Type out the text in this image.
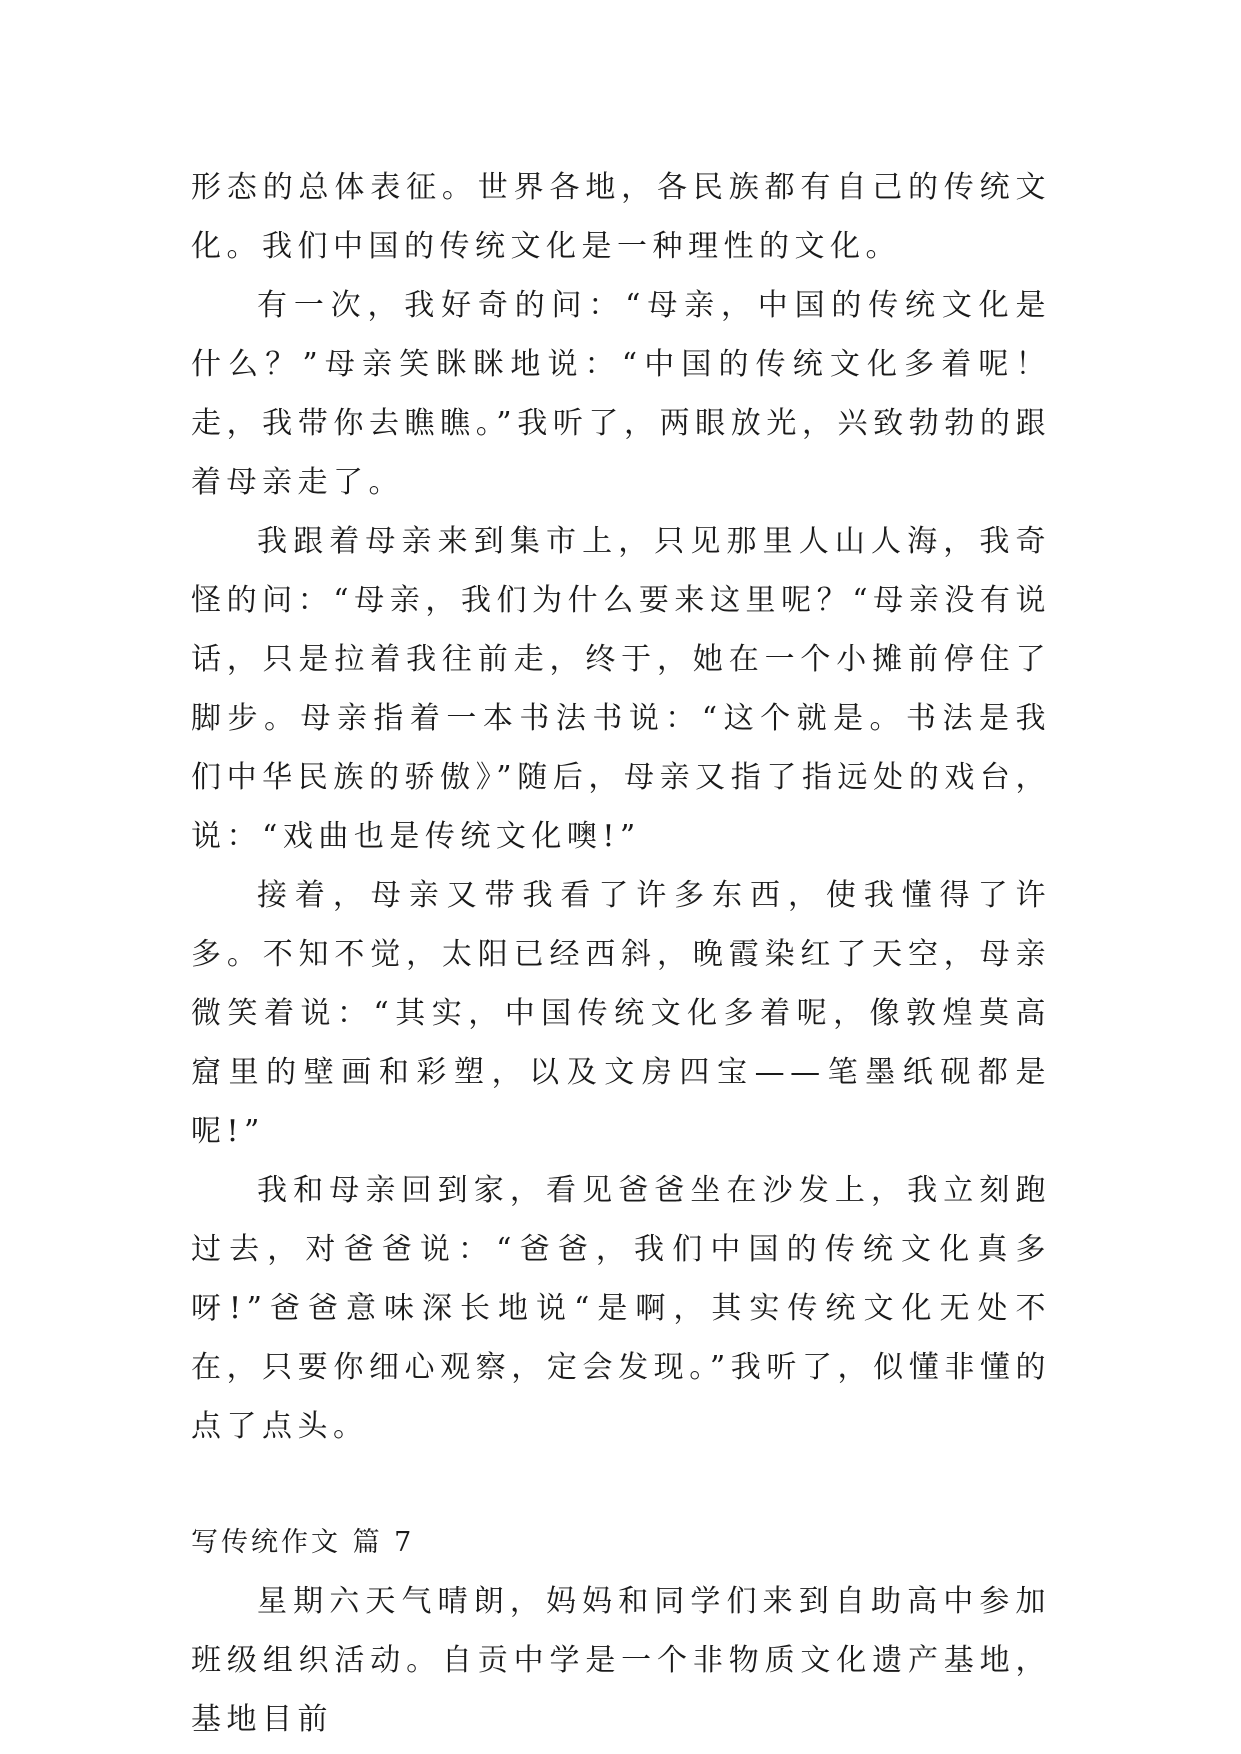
形态的总体表征。世界各地，各民族都有自己的传统文化。我们中国的传统文化是一种理性的文化。

有一次，我好奇的问：“母亲，中国的传统文化是什么？”母亲笑眯眯地说：“中国的传统文化多着呢！走，我带你去瞧瞧。”我听了，两眼放光，兴致勃勃的跟着母亲走了。

我跟着母亲来到集市上，只见那里人山人海，我奇怪的问：“母亲，我们为什么要来这里呢？“母亲没有说话，只是拉着我往前走，终于，她在一个小摊前停住了脚步。母亲指着一本书法书说：“这个就是。书法是我们中华民族的骄傲》”随后，母亲又指了指远处的戏台，说：“戏曲也是传统文化噢!”

接着，母亲又带我看了许多东西，使我懂得了许多。不知不觉，太阳已经西斜，晚霞染红了天空，母亲微笑着说：“其实，中国传统文化多着呢，像敦煌莫高窟里的壁画和彩塑，以及文房四宝——笔墨纸砚都是呢!”

我和母亲回到家，看见爸爸坐在沙发上，我立刻跑过去，对爸爸说：“爸爸，我们中国的传统文化真多呀!”爸爸意味深长地说“是啊，其实传统文化无处不在，只要你细心观察，定会发现。”我听了，似懂非懂的点了点头。

写传统作文 篇 7

星期六天气晴朗，妈妈和同学们来到自助高中参加班级组织活动。自贡中学是一个非物质文化遗产基地，基地目前
